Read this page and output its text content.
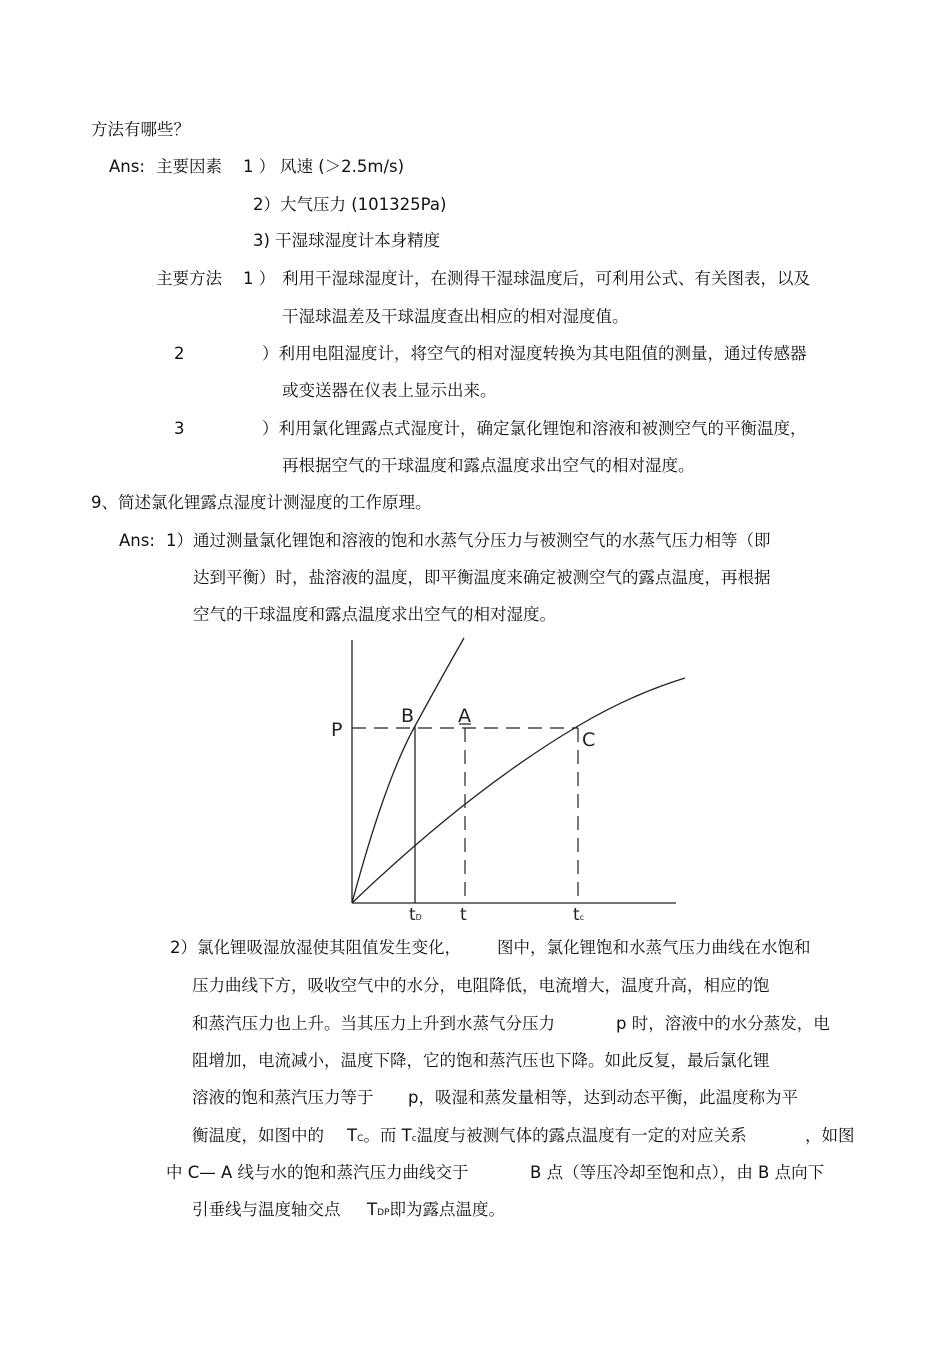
方法有哪些？
Ans: 主要因素 1 ） 风速 (＞2.5m/s)
2）大气压力 (101325Pa)
3) 干湿球湿度计本身精度
主要方法 1 ） 利用干湿球湿度计，在测得干湿球温度后，可利用公式、有关图表，以及
干湿球温差及干球温度查出相应的相对湿度值。
2	）利用电阻湿度计，将空气的相对湿度转换为其电阻值的测量，通过传感器
或变送器在仪表上显示出来。
3	）利用氯化锂露点式湿度计，确定氯化锂饱和溶液和被测空气的平衡温度，
再根据空气的干球温度和露点温度求出空气的相对湿度。
9、简述氯化锂露点湿度计测湿度的工作原理。
Ans: 1）通过测量氯化锂饱和溶液的饱和水蒸气分压力与被测空气的水蒸气压力相等（即
达到平衡）时，盐溶液的温度，即平衡温度来确定被测空气的露点温度，再根据
空气的干球温度和露点温度求出空气的相对湿度。
P
B A
C
tD t	tc
2）氯化锂吸湿放湿使其阻值发生变化， 图中，氯化锂饱和水蒸气压力曲线在水饱和
压力曲线下方，吸收空气中的水分，电阻降低，电流增大，温度升高，相应的饱
和蒸汽压力也上升。当其压力上升到水蒸气分压力	p 时，溶液中的水分蒸发，电
阻增加，电流减小，温度下降，它的饱和蒸汽压也下降。如此反复，最后氯化锂
溶液的饱和蒸汽压力等于 p，吸湿和蒸发量相等，达到动态平衡，此温度称为平
衡温度，如图中的 TC。而 Tc温度与被测气体的露点温度有一定的对应关系	，如图
中 C— A 线与水的饱和蒸汽压力曲线交于	B 点（等压冷却至饱和点），由 B 点向下
引垂线与温度轴交点 TDP即为露点温度。
